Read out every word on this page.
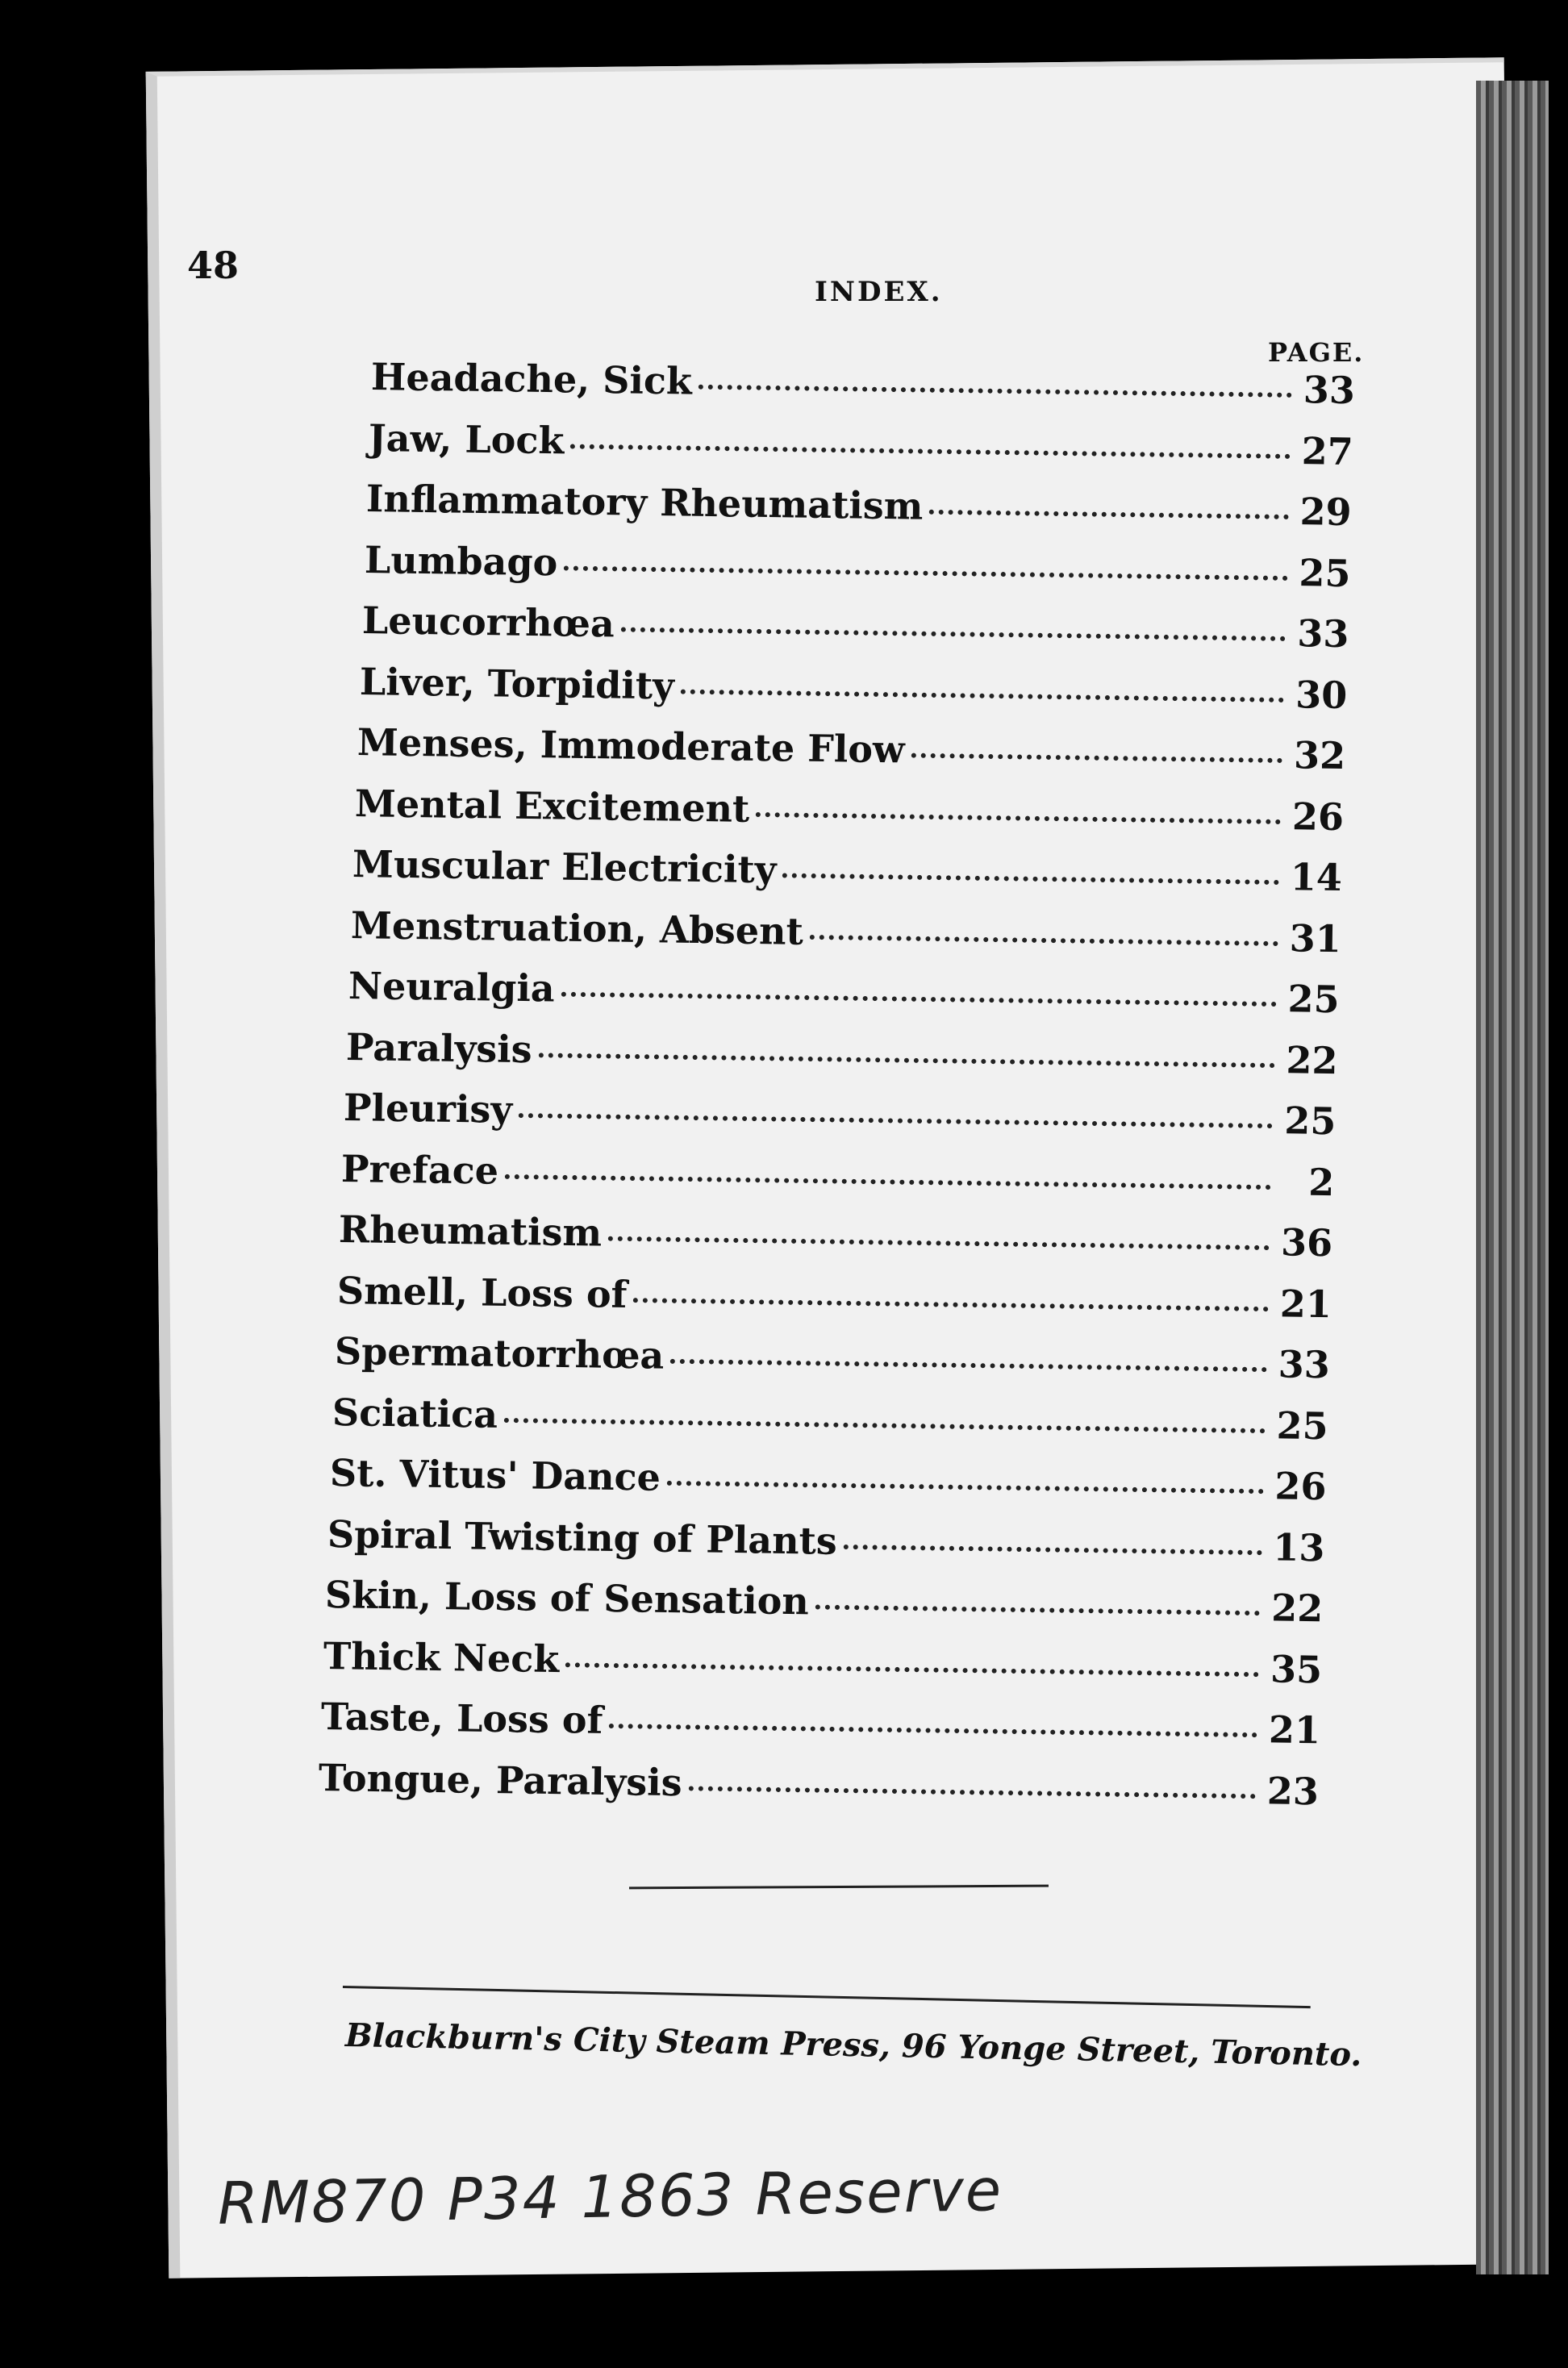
48
INDEX.
PAGE.
Headache, Sick	33
Jaw, Lock	27
Inflammatory Rheumatism	29
Lumbago	25
Leucorrhœa	33
Liver, Torpidity	30
Menses, Immoderate Flow	32
Mental Excitement	26
Muscular Electricity	14
Menstruation, Absent	31
Neuralgia	25
Paralysis	22
Pleurisy	25
Preface	2
Rheumatism	36
Smell, Loss of	21
Spermatorrhœa	33
Sciatica	25
St. Vitus' Dance	26
Spiral Twisting of Plants	13
Skin, Loss of Sensation	22
Thick Neck	35
Taste, Loss of	21
Tongue, Paralysis	23
Blackburn's City Steam Press, 96 Yonge Street, Toronto.
RM870 P34 1863 Reserve
